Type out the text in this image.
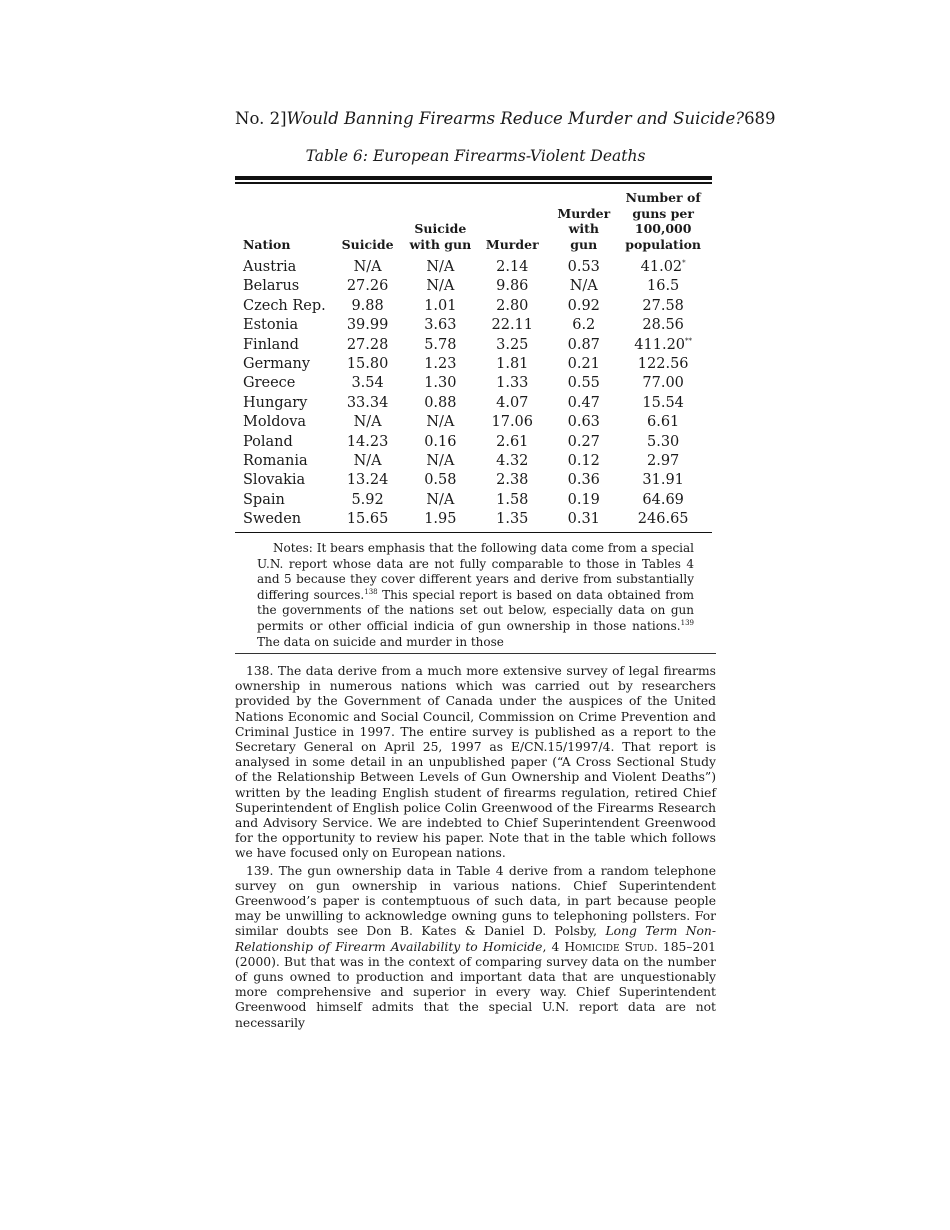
No. 2] Would Banning Firearms Reduce Murder and Suicide? 689
Table 6: European Firearms-Violent Deaths
Nation	Suicide	Suicide with gun	Murder	Murder with gun	Number of guns per 100,000 population
Austria	N/A	N/A	2.14	0.53	41.02*
Belarus	27.26	N/A	9.86	N/A	16.5
Czech Rep.	9.88	1.01	2.80	0.92	27.58
Estonia	39.99	3.63	22.11	6.2	28.56
Finland	27.28	5.78	3.25	0.87	411.20**
Germany	15.80	1.23	1.81	0.21	122.56
Greece	3.54	1.30	1.33	0.55	77.00
Hungary	33.34	0.88	4.07	0.47	15.54
Moldova	N/A	N/A	17.06	0.63	6.61
Poland	14.23	0.16	2.61	0.27	5.30
Romania	N/A	N/A	4.32	0.12	2.97
Slovakia	13.24	0.58	2.38	0.36	31.91
Spain	5.92	N/A	1.58	0.19	64.69
Sweden	15.65	1.95	1.35	0.31	246.65

Notes: It bears emphasis that the following data come from a special U.N. report whose data are not fully comparable to those in Tables 4 and 5 because they cover different years and derive from substantially differing sources.$^{138}$ This special report is based on data obtained from the governments of the nations set out below, especially data on gun permits or other official indicia of gun ownership in those nations.$^{139}$ The data on suicide and murder in those

138. The data derive from a much more extensive survey of legal firearms ownership in numerous nations which was carried out by researchers provided by the Government of Canada under the auspices of the United Nations Economic and Social Council, Commission on Crime Prevention and Criminal Justice in 1997. The entire survey is published as a report to the Secretary General on April 25, 1997 as E/CN.15/1997/4. That report is analysed in some detail in an unpublished paper (“A Cross Sectional Study of the Relationship Between Levels of Gun Ownership and Violent Deaths”) written by the leading English student of firearms regulation, retired Chief Superintendent of English police Colin Greenwood of the Firearms Research and Advisory Service. We are indebted to Chief Superintendent Greenwood for the opportunity to review his paper. Note that in the table which follows we have focused only on European nations.

139. The gun ownership data in Table 4 derive from a random telephone survey on gun ownership in various nations. Chief Superintendent Greenwood’s paper is contemptuous of such data, in part because people may be unwilling to acknowledge owning guns to telephoning pollsters. For similar doubts see Don B. Kates & Daniel D. Polsby, Long Term Non-Relationship of Firearm Availability to Homicide, 4 Homicide Stud. 185–201 (2000). But that was in the context of comparing survey data on the number of guns owned to production and important data that are unquestionably more comprehensive and superior in every way. Chief Superintendent Greenwood himself admits that the special U.N. report data are not necessarily
